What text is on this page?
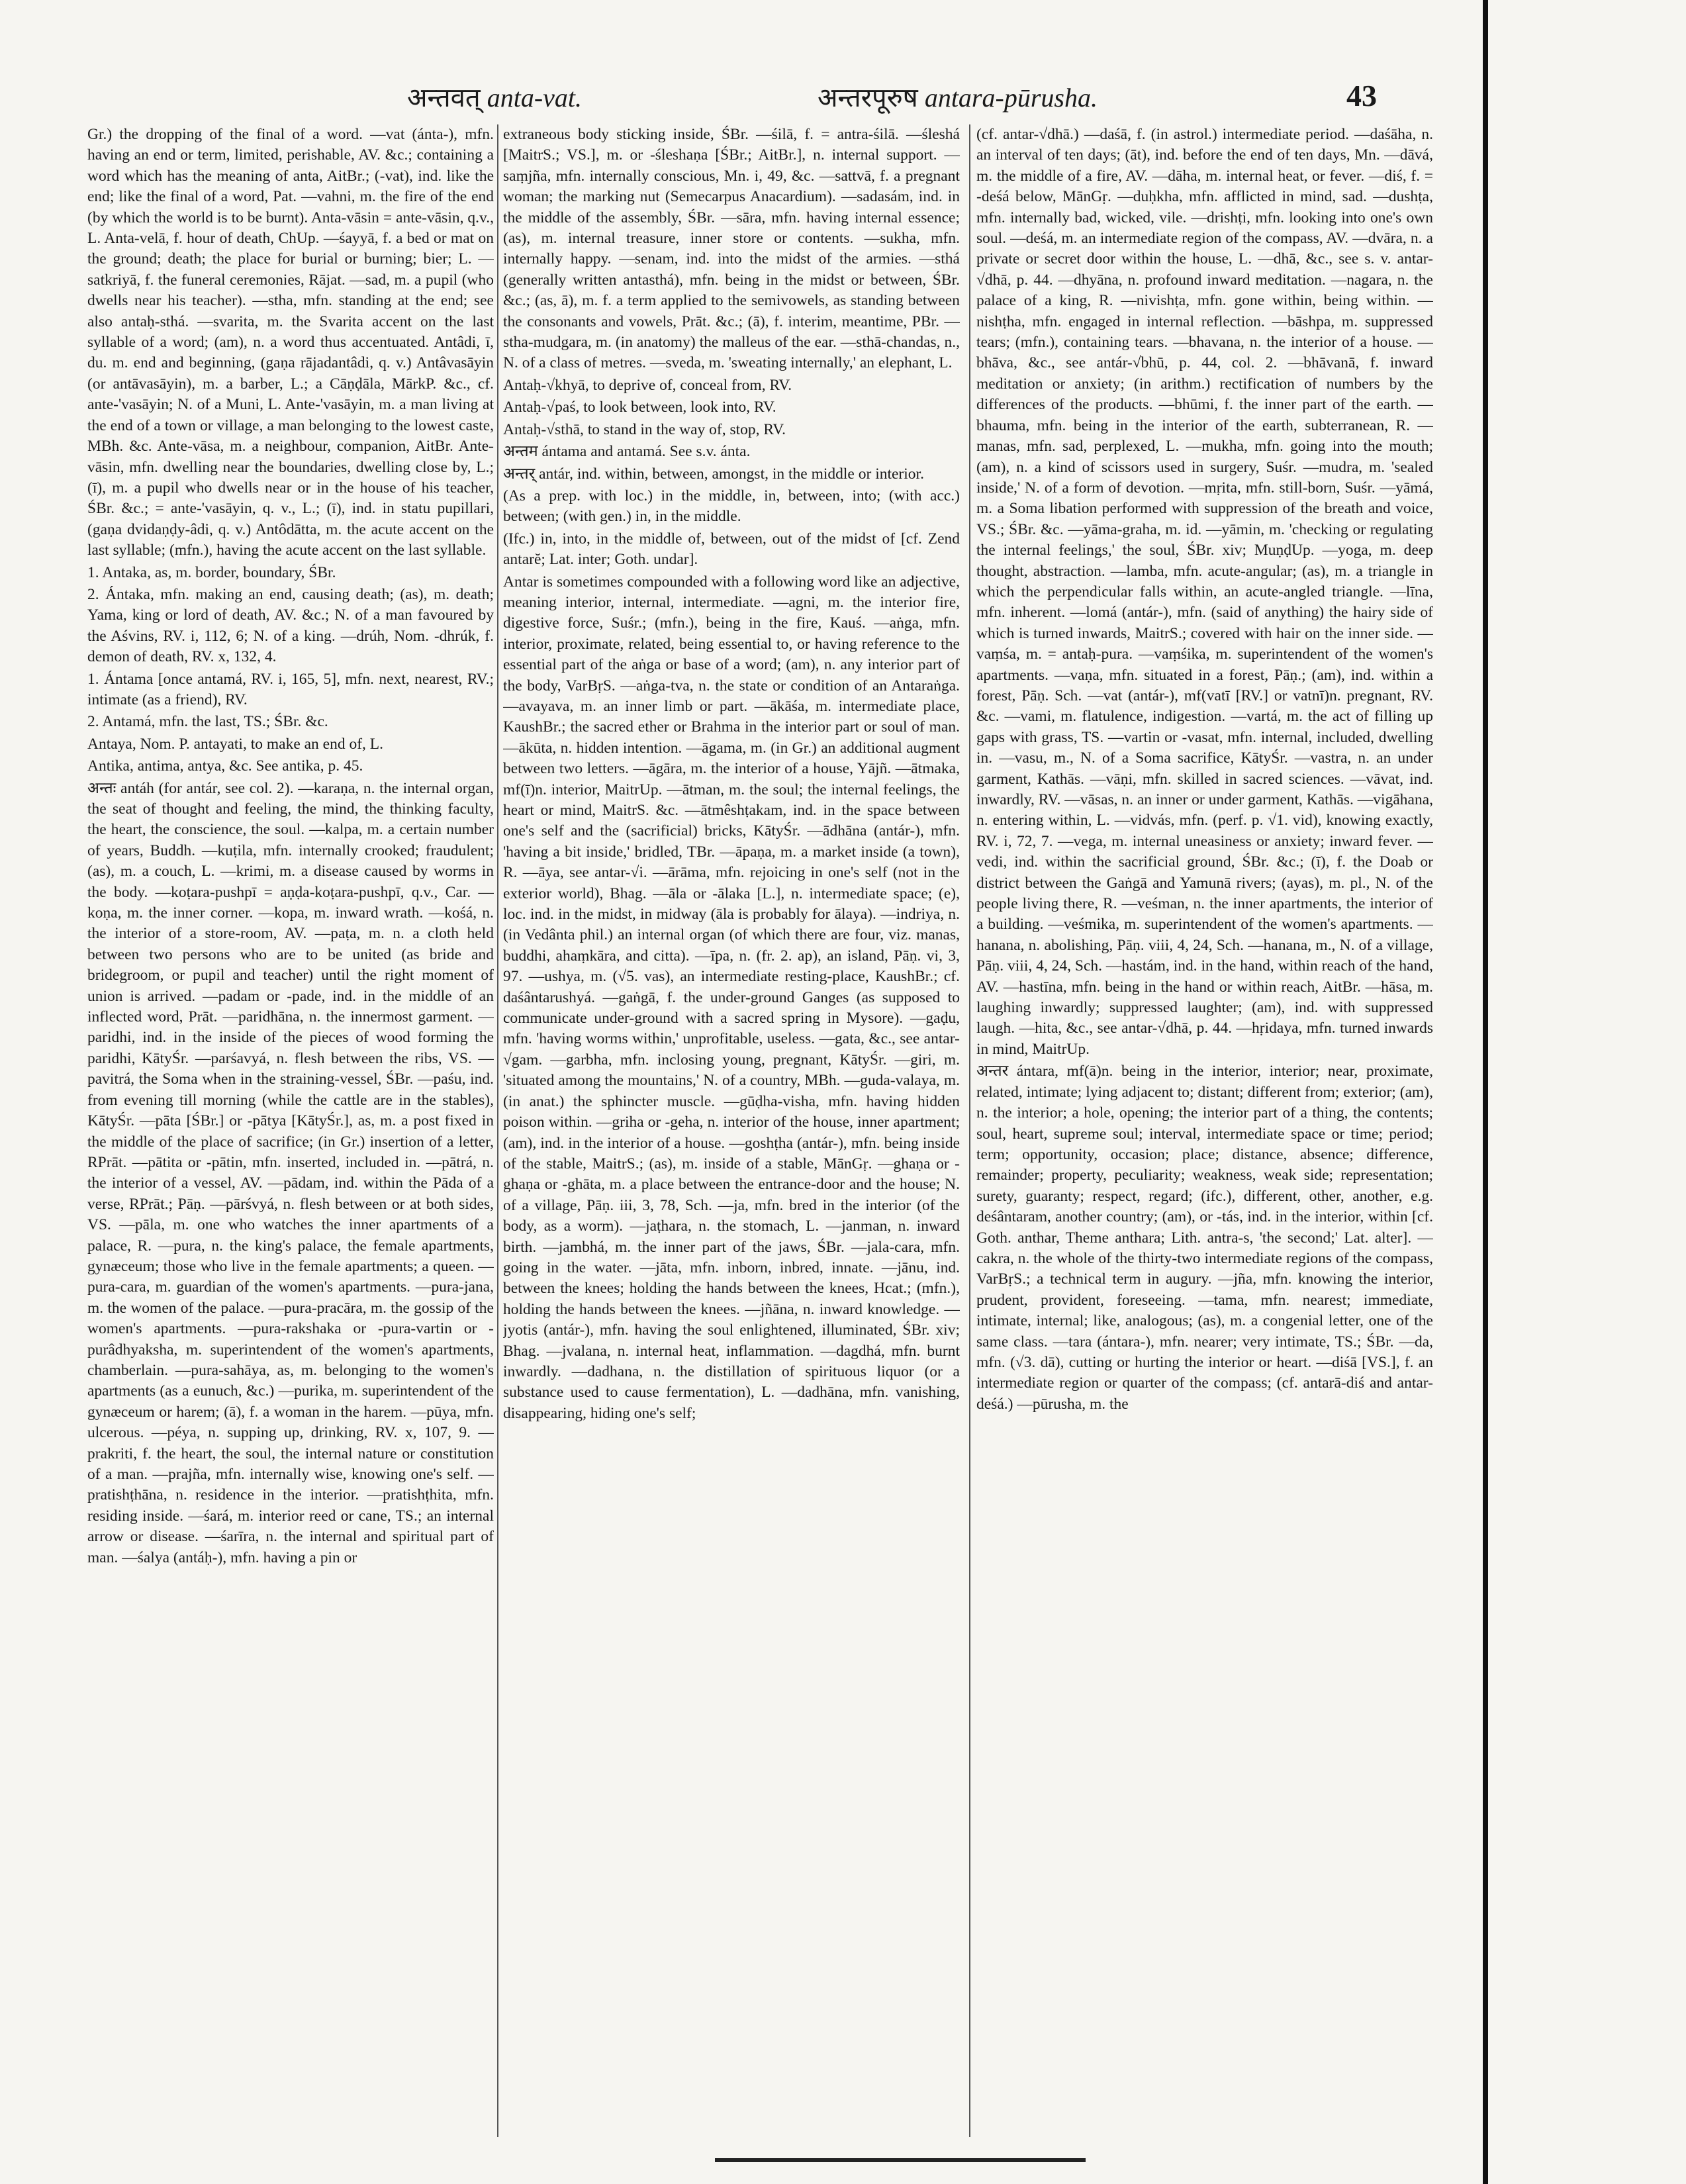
अन्तवत् anta-vat.	अन्तरपूरुष antara-pūrusha.	43

Gr.) the dropping of the final of a word. —vat (ánta-), mfn. having an end or term, limited, perishable, AV. &c.; containing a word which has the meaning of anta, AitBr.; (-vat), ind. like the end; like the final of a word, Pat. —vahni, m. the fire of the end (by which the world is to be burnt). Anta-vāsin = ante-vāsin, q.v., L. Anta-velā, f. hour of death, ChUp. —śayyā, f. a bed or mat on the ground; death; the place for burial or burning; bier; L. —satkriyā, f. the funeral ceremonies, Rājat. —sad, m. a pupil (who dwells near his teacher). —stha, mfn. standing at the end; see also antaḥ-sthá. —svarita, m. the Svarita accent on the last syllable of a word; (am), n. a word thus accentuated. Antâdi, ī, du. m. end and beginning, (gaṇa rājadantâdi, q. v.) Antâvasāyin (or antāvasāyin), m. a barber, L.; a Cāṇḍāla, MārkP. &c., cf. ante-'vasāyin; N. of a Muni, L. Ante-'vasāyin, m. a man living at the end of a town or village, a man belonging to the lowest caste, MBh. &c. Ante-vāsa, m. a neighbour, companion, AitBr. Ante-vāsin, mfn. dwelling near the boundaries, dwelling close by, L.; (ī), m. a pupil who dwells near or in the house of his teacher, ŚBr. &c.; = ante-'vasāyin, q. v., L.; (ī), ind. in statu pupillari, (gaṇa dvidaṇḍy-âdi, q. v.) Antôdātta, m. the acute accent on the last syllable; (mfn.), having the acute accent on the last syllable.

1. Antaka, as, m. border, boundary, ŚBr.

2. Ántaka, mfn. making an end, causing death; (as), m. death; Yama, king or lord of death, AV. &c.; N. of a man favoured by the Aśvins, RV. i, 112, 6; N. of a king. —drúh, Nom. -dhrúk, f. demon of death, RV. x, 132, 4.

1. Ántama [once antamá, RV. i, 165, 5], mfn. next, nearest, RV.; intimate (as a friend), RV.

2. Antamá, mfn. the last, TS.; ŚBr. &c.

Antaya, Nom. P. antayati, to make an end of, L.

Antika, antima, antya, &c. See antika, p. 45.

अन्तः antáh (for antár, see col. 2). —karaṇa, n. the internal organ, the seat of thought and feeling, the mind, the thinking faculty, the heart, the conscience, the soul. —kalpa, m. a certain number of years, Buddh. —kuṭila, mfn. internally crooked; fraudulent; (as), m. a couch, L. —krimi, m. a disease caused by worms in the body. —koṭara-pushpī = aṇḍa-koṭara-pushpī, q.v., Car. —koṇa, m. the inner corner. —kopa, m. inward wrath. —kośá, n. the interior of a store-room, AV. —paṭa, m. n. a cloth held between two persons who are to be united (as bride and bridegroom, or pupil and teacher) until the right moment of union is arrived. —padam or -pade, ind. in the middle of an inflected word, Prāt. —paridhāna, n. the innermost garment. —paridhi, ind. in the inside of the pieces of wood forming the paridhi, KātyŚr. —parśavyá, n. flesh between the ribs, VS. —pavitrá, the Soma when in the straining-vessel, ŚBr. —paśu, ind. from evening till morning (while the cattle are in the stables), KātyŚr. —pāta [ŚBr.] or -pātya [KātyŚr.], as, m. a post fixed in the middle of the place of sacrifice; (in Gr.) insertion of a letter, RPrāt. —pātita or -pātin, mfn. inserted, included in. —pātrá, n. the interior of a vessel, AV. —pādam, ind. within the Pāda of a verse, RPrāt.; Pāṇ. —pārśvyá, n. flesh between or at both sides, VS. —pāla, m. one who watches the inner apartments of a palace, R. —pura, n. the king's palace, the female apartments, gynæceum; those who live in the female apartments; a queen. —pura-cara, m. guardian of the women's apartments. —pura-jana, m. the women of the palace. —pura-pracāra, m. the gossip of the women's apartments. —pura-rakshaka or -pura-vartin or -purâdhyaksha, m. superintendent of the women's apartments, chamberlain. —pura-sahāya, as, m. belonging to the women's apartments (as a eunuch, &c.) —purika, m. superintendent of the gynæceum or harem; (ā), f. a woman in the harem. —pūya, mfn. ulcerous. —péya, n. supping up, drinking, RV. x, 107, 9. —prakriti, f. the heart, the soul, the internal nature or constitution of a man. —prajña, mfn. internally wise, knowing one's self. —pratishṭhāna, n. residence in the interior. —pratishṭhita, mfn. residing inside. —śará, m. interior reed or cane, TS.; an internal arrow or disease. —śarīra, n. the internal and spiritual part of man. —śalya (antáḥ-), mfn. having a pin or

extraneous body sticking inside, ŚBr. —śilā, f. = antra-śilā. —śleshá [MaitrS.; VS.], m. or -śleshaṇa [ŚBr.; AitBr.], n. internal support. —saṃjña, mfn. internally conscious, Mn. i, 49, &c. —sattvā, f. a pregnant woman; the marking nut (Semecarpus Anacardium). —sadasám, ind. in the middle of the assembly, ŚBr. —sāra, mfn. having internal essence; (as), m. internal treasure, inner store or contents. —sukha, mfn. internally happy. —senam, ind. into the midst of the armies. —sthá (generally written antasthá), mfn. being in the midst or between, ŚBr. &c.; (as, ā), m. f. a term applied to the semivowels, as standing between the consonants and vowels, Prāt. &c.; (ā), f. interim, meantime, PBr. —stha-mudgara, m. (in anatomy) the malleus of the ear. —sthā-chandas, n., N. of a class of metres. —sveda, m. 'sweating internally,' an elephant, L.

Antaḥ-√khyā, to deprive of, conceal from, RV.

Antaḥ-√paś, to look between, look into, RV.

Antaḥ-√sthā, to stand in the way of, stop, RV.

अन्तम ántama and antamá. See s.v. ánta.

अन्तर् antár, ind. within, between, amongst, in the middle or interior.

(As a prep. with loc.) in the middle, in, between, into; (with acc.) between; (with gen.) in, in the middle.

(Ifc.) in, into, in the middle of, between, out of the midst of [cf. Zend antarĕ; Lat. inter; Goth. undar].

Antar is sometimes compounded with a following word like an adjective, meaning interior, internal, intermediate. —agni, m. the interior fire, digestive force, Suśr.; (mfn.), being in the fire, Kauś. —aṅga, mfn. interior, proximate, related, being essential to, or having reference to the essential part of the aṅga or base of a word; (am), n. any interior part of the body, VarBṛS. —aṅga-tva, n. the state or condition of an Antaraṅga. —avayava, m. an inner limb or part. —ākāśa, m. intermediate place, KaushBr.; the sacred ether or Brahma in the interior part or soul of man. —ākūta, n. hidden intention. —āgama, m. (in Gr.) an additional augment between two letters. —āgāra, m. the interior of a house, Yājñ. —ātmaka, mf(ī)n. interior, MaitrUp. —ātman, m. the soul; the internal feelings, the heart or mind, MaitrS. &c. —ātmêshṭakam, ind. in the space between one's self and the (sacrificial) bricks, KātyŚr. —ādhāna (antár-), mfn. 'having a bit inside,' bridled, TBr. —āpaṇa, m. a market inside (a town), R. —āya, see antar-√i. —ārāma, mfn. rejoicing in one's self (not in the exterior world), Bhag. —āla or -ālaka [L.], n. intermediate space; (e), loc. ind. in the midst, in midway (āla is probably for ālaya). —indriya, n. (in Vedânta phil.) an internal organ (of which there are four, viz. manas, buddhi, ahaṃkāra, and citta). —īpa, n. (fr. 2. ap), an island, Pāṇ. vi, 3, 97. —ushya, m. (√5. vas), an intermediate resting-place, KaushBr.; cf. daśântarushyá. —gaṅgā, f. the under-ground Ganges (as supposed to communicate under-ground with a sacred spring in Mysore). —gaḍu, mfn. 'having worms within,' unprofitable, useless. —gata, &c., see antar-√gam. —garbha, mfn. inclosing young, pregnant, KātyŚr. —giri, m. 'situated among the mountains,' N. of a country, MBh. —guda-valaya, m. (in anat.) the sphincter muscle. —gūḍha-visha, mfn. having hidden poison within. —griha or -geha, n. interior of the house, inner apartment; (am), ind. in the interior of a house. —goshṭha (antár-), mfn. being inside of the stable, MaitrS.; (as), m. inside of a stable, MānGṛ. —ghaṇa or -ghaṇa or -ghāta, m. a place between the entrance-door and the house; N. of a village, Pāṇ. iii, 3, 78, Sch. —ja, mfn. bred in the interior (of the body, as a worm). —jaṭhara, n. the stomach, L. —janman, n. inward birth. —jambhá, m. the inner part of the jaws, ŚBr. —jala-cara, mfn. going in the water. —jāta, mfn. inborn, inbred, innate. —jānu, ind. between the knees; holding the hands between the knees, Hcat.; (mfn.), holding the hands between the knees. —jñāna, n. inward knowledge. —jyotis (antár-), mfn. having the soul enlightened, illuminated, ŚBr. xiv; Bhag. —jvalana, n. internal heat, inflammation. —dagdhá, mfn. burnt inwardly. —dadhana, n. the distillation of spirituous liquor (or a substance used to cause fermentation), L. —dadhāna, mfn. vanishing, disappearing, hiding one's self;

(cf. antar-√dhā.) —daśā, f. (in astrol.) intermediate period. —daśāha, n. an interval of ten days; (āt), ind. before the end of ten days, Mn. —dāvá, m. the middle of a fire, AV. —dāha, m. internal heat, or fever. —diś, f. = -deśá below, MānGṛ. —duḥkha, mfn. afflicted in mind, sad. —dushṭa, mfn. internally bad, wicked, vile. —drishṭi, mfn. looking into one's own soul. —deśá, m. an intermediate region of the compass, AV. —dvāra, n. a private or secret door within the house, L. —dhā, &c., see s. v. antar-√dhā, p. 44. —dhyāna, n. profound inward meditation. —nagara, n. the palace of a king, R. —nivishṭa, mfn. gone within, being within. —nishṭha, mfn. engaged in internal reflection. —bāshpa, m. suppressed tears; (mfn.), containing tears. —bhavana, n. the interior of a house. —bhāva, &c., see antár-√bhū, p. 44, col. 2. —bhāvanā, f. inward meditation or anxiety; (in arithm.) rectification of numbers by the differences of the products. —bhūmi, f. the inner part of the earth. —bhauma, mfn. being in the interior of the earth, subterranean, R. —manas, mfn. sad, perplexed, L. —mukha, mfn. going into the mouth; (am), n. a kind of scissors used in surgery, Suśr. —mudra, m. 'sealed inside,' N. of a form of devotion. —mṛita, mfn. still-born, Suśr. —yāmá, m. a Soma libation performed with suppression of the breath and voice, VS.; ŚBr. &c. —yāma-graha, m. id. —yāmin, m. 'checking or regulating the internal feelings,' the soul, ŚBr. xiv; MuṇḍUp. —yoga, m. deep thought, abstraction. —lamba, mfn. acute-angular; (as), m. a triangle in which the perpendicular falls within, an acute-angled triangle. —līna, mfn. inherent. —lomá (antár-), mfn. (said of anything) the hairy side of which is turned inwards, MaitrS.; covered with hair on the inner side. —vaṃśa, m. = antaḥ-pura. —vaṃśika, m. superintendent of the women's apartments. —vaṇa, mfn. situated in a forest, Pāṇ.; (am), ind. within a forest, Pāṇ. Sch. —vat (antár-), mf(vatī [RV.] or vatnī)n. pregnant, RV. &c. —vami, m. flatulence, indigestion. —vartá, m. the act of filling up gaps with grass, TS. —vartin or -vasat, mfn. internal, included, dwelling in. —vasu, m., N. of a Soma sacrifice, KātyŚr. —vastra, n. an under garment, Kathās. —vāṇi, mfn. skilled in sacred sciences. —vāvat, ind. inwardly, RV. —vāsas, n. an inner or under garment, Kathās. —vigāhana, n. entering within, L. —vidvás, mfn. (perf. p. √1. vid), knowing exactly, RV. i, 72, 7. —vega, m. internal uneasiness or anxiety; inward fever. —vedi, ind. within the sacrificial ground, ŚBr. &c.; (ī), f. the Doab or district between the Gaṅgā and Yamunā rivers; (ayas), m. pl., N. of the people living there, R. —veśman, n. the inner apartments, the interior of a building. —veśmika, m. superintendent of the women's apartments. —hanana, n. abolishing, Pāṇ. viii, 4, 24, Sch. —hanana, m., N. of a village, Pāṇ. viii, 4, 24, Sch. —hastám, ind. in the hand, within reach of the hand, AV. —hastīna, mfn. being in the hand or within reach, AitBr. —hāsa, m. laughing inwardly; suppressed laughter; (am), ind. with suppressed laugh. —hita, &c., see antar-√dhā, p. 44. —hṛidaya, mfn. turned inwards in mind, MaitrUp.

अन्तर ántara, mf(ā)n. being in the interior, interior; near, proximate, related, intimate; lying adjacent to; distant; different from; exterior; (am), n. the interior; a hole, opening; the interior part of a thing, the contents; soul, heart, supreme soul; interval, intermediate space or time; period; term; opportunity, occasion; place; distance, absence; difference, remainder; property, peculiarity; weakness, weak side; representation; surety, guaranty; respect, regard; (ifc.), different, other, another, e.g. deśântaram, another country; (am), or -tás, ind. in the interior, within [cf. Goth. anthar, Theme anthara; Lith. antra-s, 'the second;' Lat. alter]. —cakra, n. the whole of the thirty-two intermediate regions of the compass, VarBṛS.; a technical term in augury. —jña, mfn. knowing the interior, prudent, provident, foreseeing. —tama, mfn. nearest; immediate, intimate, internal; like, analogous; (as), m. a congenial letter, one of the same class. —tara (ántara-), mfn. nearer; very intimate, TS.; ŚBr. —da, mfn. (√3. dā), cutting or hurting the interior or heart. —diśā [VS.], f. an intermediate region or quarter of the compass; (cf. antarā-diś and antar-deśá.) —pūrusha, m. the
